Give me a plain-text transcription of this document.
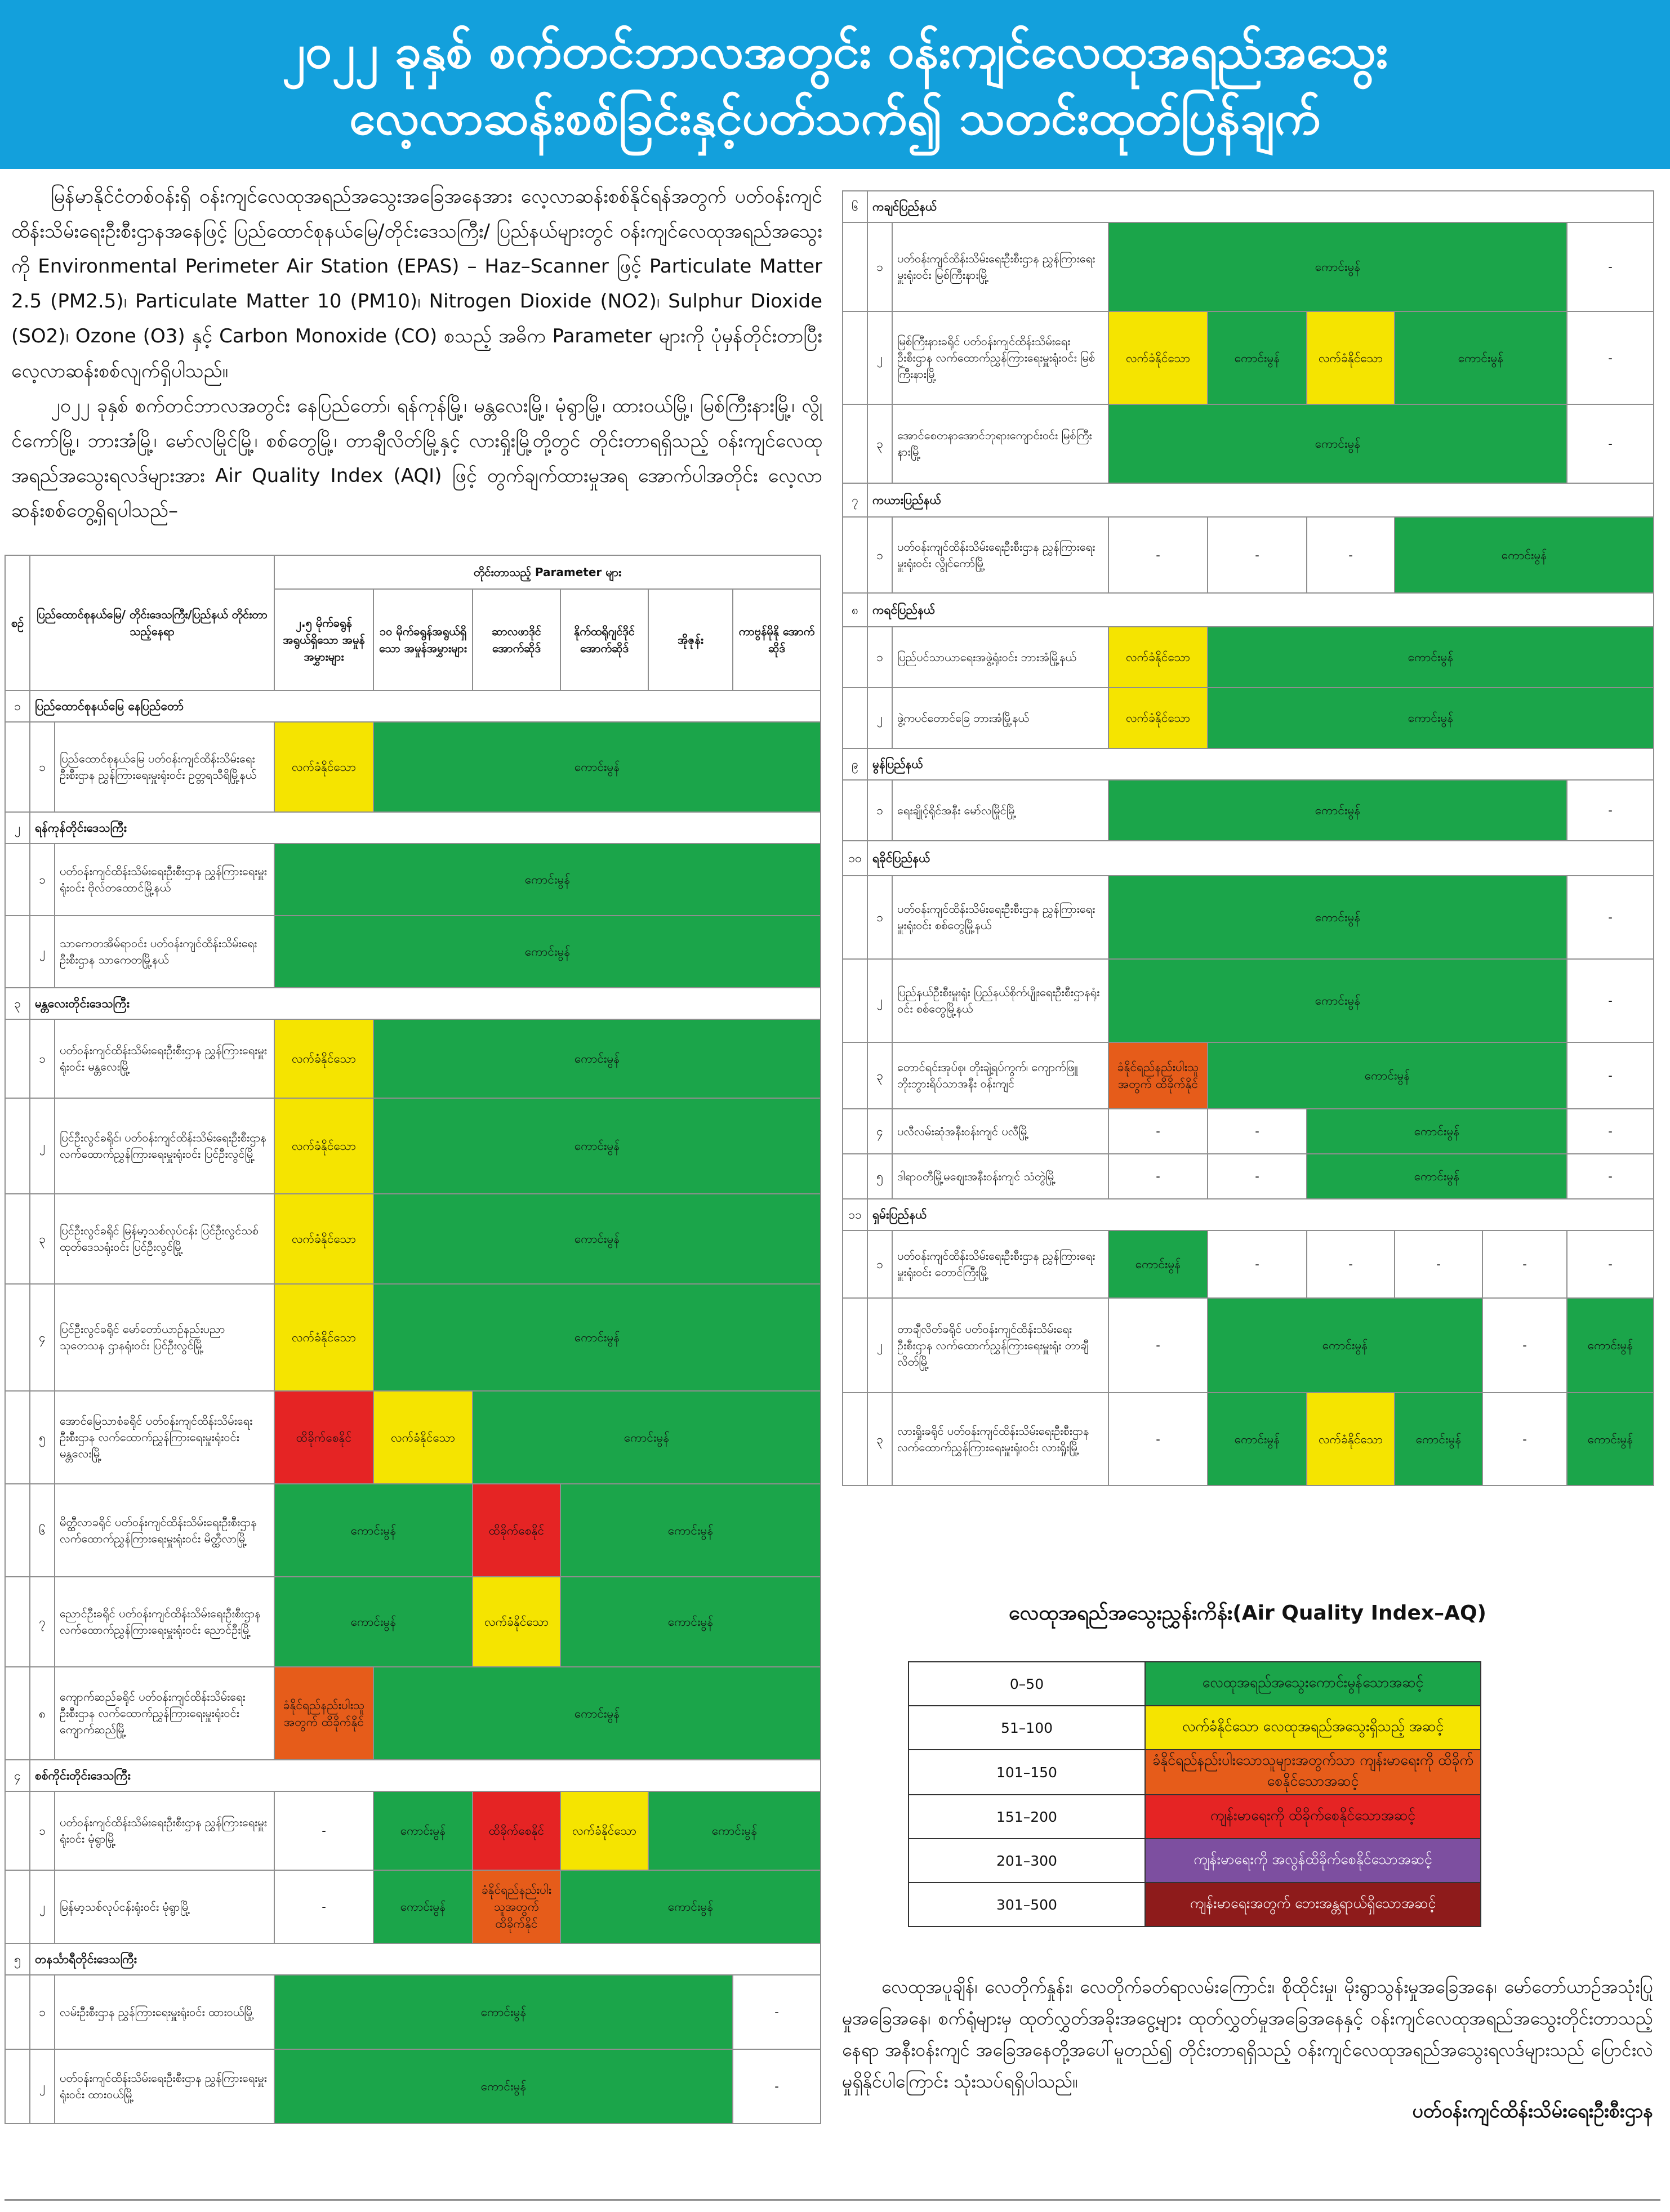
၂၀၂၂ ခုနှစ် စက်တင်ဘာလအတွင်း ဝန်းကျင်လေထုအရည်အသွေး
လေ့လာဆန်းစစ်ခြင်းနှင့်ပတ်သက်၍ သတင်းထုတ်ပြန်ချက်

မြန်မာနိုင်ငံတစ်ဝန်းရှိ ဝန်းကျင်လေထုအရည်အသွေးအခြေအနေအား လေ့လာဆန်းစစ်နိုင်ရန်အတွက် ပတ်ဝန်းကျင်ထိန်းသိမ်းရေးဦးစီးဌာနအနေဖြင့် ပြည်ထောင်စုနယ်မြေ/တိုင်းဒေသကြီး/ ပြည်နယ်များတွင် ဝန်းကျင်လေထုအရည်အသွေးကို Environmental Perimeter Air Station (EPAS) – Haz–Scanner ဖြင့် Particulate Matter 2.5 (PM2.5)၊ Particulate Matter 10 (PM10)၊ Nitrogen Dioxide (NO2)၊ Sulphur Dioxide (SO2)၊ Ozone (O3) နှင့် Carbon Monoxide (CO) စသည့် အဓိက Parameter များကို ပုံမှန်တိုင်းတာပြီး လေ့လာဆန်းစစ်လျက်ရှိပါသည်။

၂၀၂၂ ခုနှစ် စက်တင်ဘာလအတွင်း နေပြည်တော်၊ ရန်ကုန်မြို့၊ မန္တလေးမြို့၊ မုံရွာမြို့၊ ထားဝယ်မြို့၊ မြစ်ကြီးနားမြို့၊ လွိုင်ကော်မြို့၊ ဘားအံမြို့၊ မော်လမြိုင်မြို့၊ စစ်တွေမြို့၊ တာချီလိတ်မြို့နှင့် လားရှိုးမြို့တို့တွင် တိုင်းတာရရှိသည့် ဝန်းကျင်လေထုအရည်အသွေးရလဒ်များအား Air Quality Index (AQI) ဖြင့် တွက်ချက်ထားမှုအရ အောက်ပါအတိုင်း လေ့လာဆန်းစစ်တွေ့ရှိရပါသည်–

စဉ်	ပြည်ထောင်စုနယ်မြေ/ တိုင်းဒေသကြီး/ပြည်နယ် တိုင်းတာသည့်နေရာ		တိုင်းတာသည့် Parameter များ					
			၂.၅ မိုက်ခရွန်အရွယ်ရှိသော အမှုန်အမွှားများ	၁၀ မိုက်ခရွန်အရွယ်ရှိသော အမှုန်အမွှားများ	ဆာလဖာဒိုင် အောက်ဆိုဒ်	နိုက်ထရိုဂျင်ဒိုင် အောက်ဆိုဒ်	အိုဇုန်း	ကာဗွန်မိုနို အောက်ဆိုဒ်
၁	ပြည်ထောင်စုနယ်မြေ နေပြည်တော်							
	၁	ပြည်ထောင်စုနယ်မြေ ပတ်ဝန်းကျင်ထိန်းသိမ်းရေးဦးစီးဌာန ညွှန်ကြားရေးမှူးရုံးဝင်း ဥတ္တရသီရိမြို့နယ်	လက်ခံနိုင်သော	ကောင်းမွန်				
၂	ရန်ကုန်တိုင်းဒေသကြီး							
	၁	ပတ်ဝန်းကျင်ထိန်းသိမ်းရေးဦးစီးဌာန ညွှန်ကြားရေးမှူးရုံးဝင်း ဗိုလ်တထောင်မြို့နယ်	ကောင်းမွန်					
	၂	သာကေတအိမ်ရာဝင်း ပတ်ဝန်းကျင်ထိန်းသိမ်းရေးဦးစီးဌာန သာကေတမြို့နယ်	ကောင်းမွန်					
၃	မန္တလေးတိုင်းဒေသကြီး							
	၁	ပတ်ဝန်းကျင်ထိန်းသိမ်းရေးဦးစီးဌာန ညွှန်ကြားရေးမှူးရုံးဝင်း မန္တလေးမြို့	လက်ခံနိုင်သော	ကောင်းမွန်				
	၂	ပြင်ဦးလွင်ခရိုင်၊ ပတ်ဝန်းကျင်ထိန်းသိမ်းရေးဦးစီးဌာန လက်ထောက်ညွှန်ကြားရေးမှူးရုံးဝင်း ပြင်ဦးလွင်မြို့	လက်ခံနိုင်သော	ကောင်းမွန်				
	၃	ပြင်ဦးလွင်ခရိုင် မြန်မာ့သစ်လုပ်ငန်း ပြင်ဦးလွင်သစ်ထုတ်ဒေသရုံးဝင်း ပြင်ဦးလွင်မြို့	လက်ခံနိုင်သော	ကောင်းမွန်				
	၄	ပြင်ဦးလွင်ခရိုင် မော်တော်ယာဉ်နည်းပညာသုတေသန ဌာနရုံးဝင်း ပြင်ဦးလွင်မြို့	လက်ခံနိုင်သော	ကောင်းမွန်				
	၅	အောင်မြေသာစံခရိုင် ပတ်ဝန်းကျင်ထိန်းသိမ်းရေးဦးစီးဌာန လက်ထောက်ညွှန်ကြားရေးမှူးရုံးဝင်း မန္တလေးမြို့	ထိခိုက်စေနိုင်	လက်ခံနိုင်သော	ကောင်းမွန်			
	၆	မိတ္ထီလာခရိုင် ပတ်ဝန်းကျင်ထိန်းသိမ်းရေးဦးစီးဌာန လက်ထောက်ညွှန်ကြားရေးမှူးရုံးဝင်း မိတ္ထီလာမြို့	ကောင်းမွန်		ထိခိုက်စေနိုင်	ကောင်းမွန်		
	၇	ညောင်ဦးခရိုင် ပတ်ဝန်းကျင်ထိန်းသိမ်းရေးဦးစီးဌာန လက်ထောက်ညွှန်ကြားရေးမှူးရုံးဝင်း ညောင်ဦးမြို့	ကောင်းမွန်		လက်ခံနိုင်သော	ကောင်းမွန်		
	၈	ကျောက်ဆည်ခရိုင် ပတ်ဝန်းကျင်ထိန်းသိမ်းရေးဦးစီးဌာန လက်ထောက်ညွှန်ကြားရေးမှူးရုံးဝင်း ကျောက်ဆည်မြို့	ခံနိုင်ရည်နည်းပါးသူအတွက် ထိခိုက်နိုင်	ကောင်းမွန်				
၄	စစ်ကိုင်းတိုင်းဒေသကြီး							
	၁	ပတ်ဝန်းကျင်ထိန်းသိမ်းရေးဦးစီးဌာန ညွှန်ကြားရေးမှူးရုံးဝင်း မုံရွာမြို့	-	ကောင်းမွန်	ထိခိုက်စေနိုင်	လက်ခံနိုင်သော	ကောင်းမွန်	
	၂	မြန်မာ့သစ်လုပ်ငန်းရုံးဝင်း မုံရွာမြို့	-	ကောင်းမွန်	ခံနိုင်ရည်နည်းပါးသူအတွက် ထိခိုက်နိုင်	ကောင်းမွန်		
၅	တနင်္သာရီတိုင်းဒေသကြီး							
	၁	လမ်းဦးစီးဌာန ညွှန်ကြားရေးမှူးရုံးဝင်း ထားဝယ်မြို့	ကောင်းမွန်					-
	၂	ပတ်ဝန်းကျင်ထိန်းသိမ်းရေးဦးစီးဌာန ညွှန်ကြားရေးမှူးရုံးဝင်း ထားဝယ်မြို့	ကောင်းမွန်					-
၆	ကချင်ပြည်နယ်							
	၁	ပတ်ဝန်းကျင်ထိန်းသိမ်းရေးဦးစီးဌာန ညွှန်ကြားရေးမှူးရုံးဝင်း မြစ်ကြီးနားမြို့	ကောင်းမွန်					-
	၂	မြစ်ကြီးနားခရိုင် ပတ်ဝန်းကျင်ထိန်းသိမ်းရေးဦးစီးဌာန လက်ထောက်ညွှန်ကြားရေးမှူးရုံးဝင်း မြစ်ကြီးနားမြို့	လက်ခံနိုင်သော	ကောင်းမွန်	လက်ခံနိုင်သော	ကောင်းမွန်		-
	၃	အောင်စေတနာအောင်ဘုရားကျောင်းဝင်း မြစ်ကြီးနားမြို့	ကောင်းမွန်					-
၇	ကယားပြည်နယ်							
	၁	ပတ်ဝန်းကျင်ထိန်းသိမ်းရေးဦးစီးဌာန ညွှန်ကြားရေးမှူးရုံးဝင်း လွိုင်ကော်မြို့	-	-	-	ကောင်းမွန်		
၈	ကရင်ပြည်နယ်							
	၁	ပြည်ပင်သာယာရေးအဖွဲ့ရုံးဝင်း ဘားအံမြို့နယ်	လက်ခံနိုင်သော	ကောင်းမွန်				
	၂	ဖွဲ့ကပင်တောင်ခြေ ဘားအံမြို့နယ်	လက်ခံနိုင်သော	ကောင်းမွန်				
၉	မွန်ပြည်နယ်							
	၁	ရေးချိုင့်ရိုင်အနီး မော်လမြိုင်မြို့	ကောင်းမွန်					-
၁၀	ရခိုင်ပြည်နယ်							
	၁	ပတ်ဝန်းကျင်ထိန်းသိမ်းရေးဦးစီးဌာန ညွှန်ကြားရေးမှူးရုံးဝင်း စစ်တွေမြို့နယ်	ကောင်းမွန်					-
	၂	ပြည်နယ်ဦးစီးမှူးရုံး ပြည်နယ်စိုက်ပျိုးရေးဦးစီးဌာနရုံးဝင်း စစ်တွေမြို့နယ်	ကောင်းမွန်					-
	၃	တောင်ရင်းအုပ်စု၊ တိုးချဲ့ရပ်ကွက်၊ ကျောက်ဖြူဘိုးဘွားရိပ်သာအနီး ဝန်းကျင်	ခံနိုင်ရည်နည်းပါးသူအတွက် ထိခိုက်နိုင်	ကောင်းမွန်				-
	၄	ပလီလမ်းဆုံအနီးဝန်းကျင် ပလီမြို့	-	-	ကောင်းမွန်			-
	၅	ဒါရာဝတီမြို့မစျေးအနီးဝန်းကျင် သံတွဲမြို့	-	-	ကောင်းမွန်			-
၁၁	ရှမ်းပြည်နယ်							
	၁	ပတ်ဝန်းကျင်ထိန်းသိမ်းရေးဦးစီးဌာန ညွှန်ကြားရေးမှူးရုံးဝင်း တောင်ကြီးမြို့	ကောင်းမွန်	-	-	-	-	-
	၂	တာချီလိတ်ခရိုင် ပတ်ဝန်းကျင်ထိန်းသိမ်းရေးဦးစီးဌာန လက်ထောက်ညွှန်ကြားရေးမှူးရုံး တာချီလိတ်မြို့	-	ကောင်းမွန်			-	ကောင်းမွန်
	၃	လားရှိုးခရိုင် ပတ်ဝန်းကျင်ထိန်းသိမ်းရေးဦးစီးဌာန လက်ထောက်ညွှန်ကြားရေးမှူးရုံးဝင်း လားရှိုးမြို့	-	ကောင်းမွန်	လက်ခံနိုင်သော	ကောင်းမွန်	-	ကောင်းမွန်
လေထုအရည်အသွေးညွှန်းကိန်း(Air Quality Index–AQ)
0–50	လေထုအရည်အသွေးကောင်းမွန်သောအဆင့်
51–100	လက်ခံနိုင်သော လေထုအရည်အသွေးရှိသည့် အဆင့်
101–150	ခံနိုင်ရည်နည်းပါးသောသူများအတွက်သာ ကျန်းမာရေးကို ထိခိုက်စေနိုင်သောအဆင့်
151–200	ကျန်းမာရေးကို ထိခိုက်စေနိုင်သောအဆင့်
201–300	ကျန်းမာရေးကို အလွန်ထိခိုက်စေနိုင်သောအဆင့်
301–500	ကျန်းမာရေးအတွက် ဘေးအန္တရာယ်ရှိသောအဆင့်

လေထုအပူချိန်၊ လေတိုက်နှုန်း၊ လေတိုက်ခတ်ရာလမ်းကြောင်း၊ စိုထိုင်းမှု၊ မိုးရွာသွန်းမှုအခြေအနေ၊ မော်တော်ယာဉ်အသုံးပြုမှုအခြေအနေ၊ စက်ရုံများမှ ထုတ်လွှတ်အခိုးအငွေ့များ ထုတ်လွှတ်မှုအခြေအနေနှင့် ဝန်းကျင်လေထုအရည်အသွေးတိုင်းတာသည့်နေရာ အနီးဝန်းကျင် အခြေအနေတို့အပေါ်မူတည်၍ တိုင်းတာရရှိသည့် ဝန်းကျင်လေထုအရည်အသွေးရလဒ်များသည် ပြောင်းလဲမှုရှိနိုင်ပါကြောင်း သုံးသပ်ရရှိပါသည်။

ပတ်ဝန်းကျင်ထိန်းသိမ်းရေးဦးစီးဌာန
